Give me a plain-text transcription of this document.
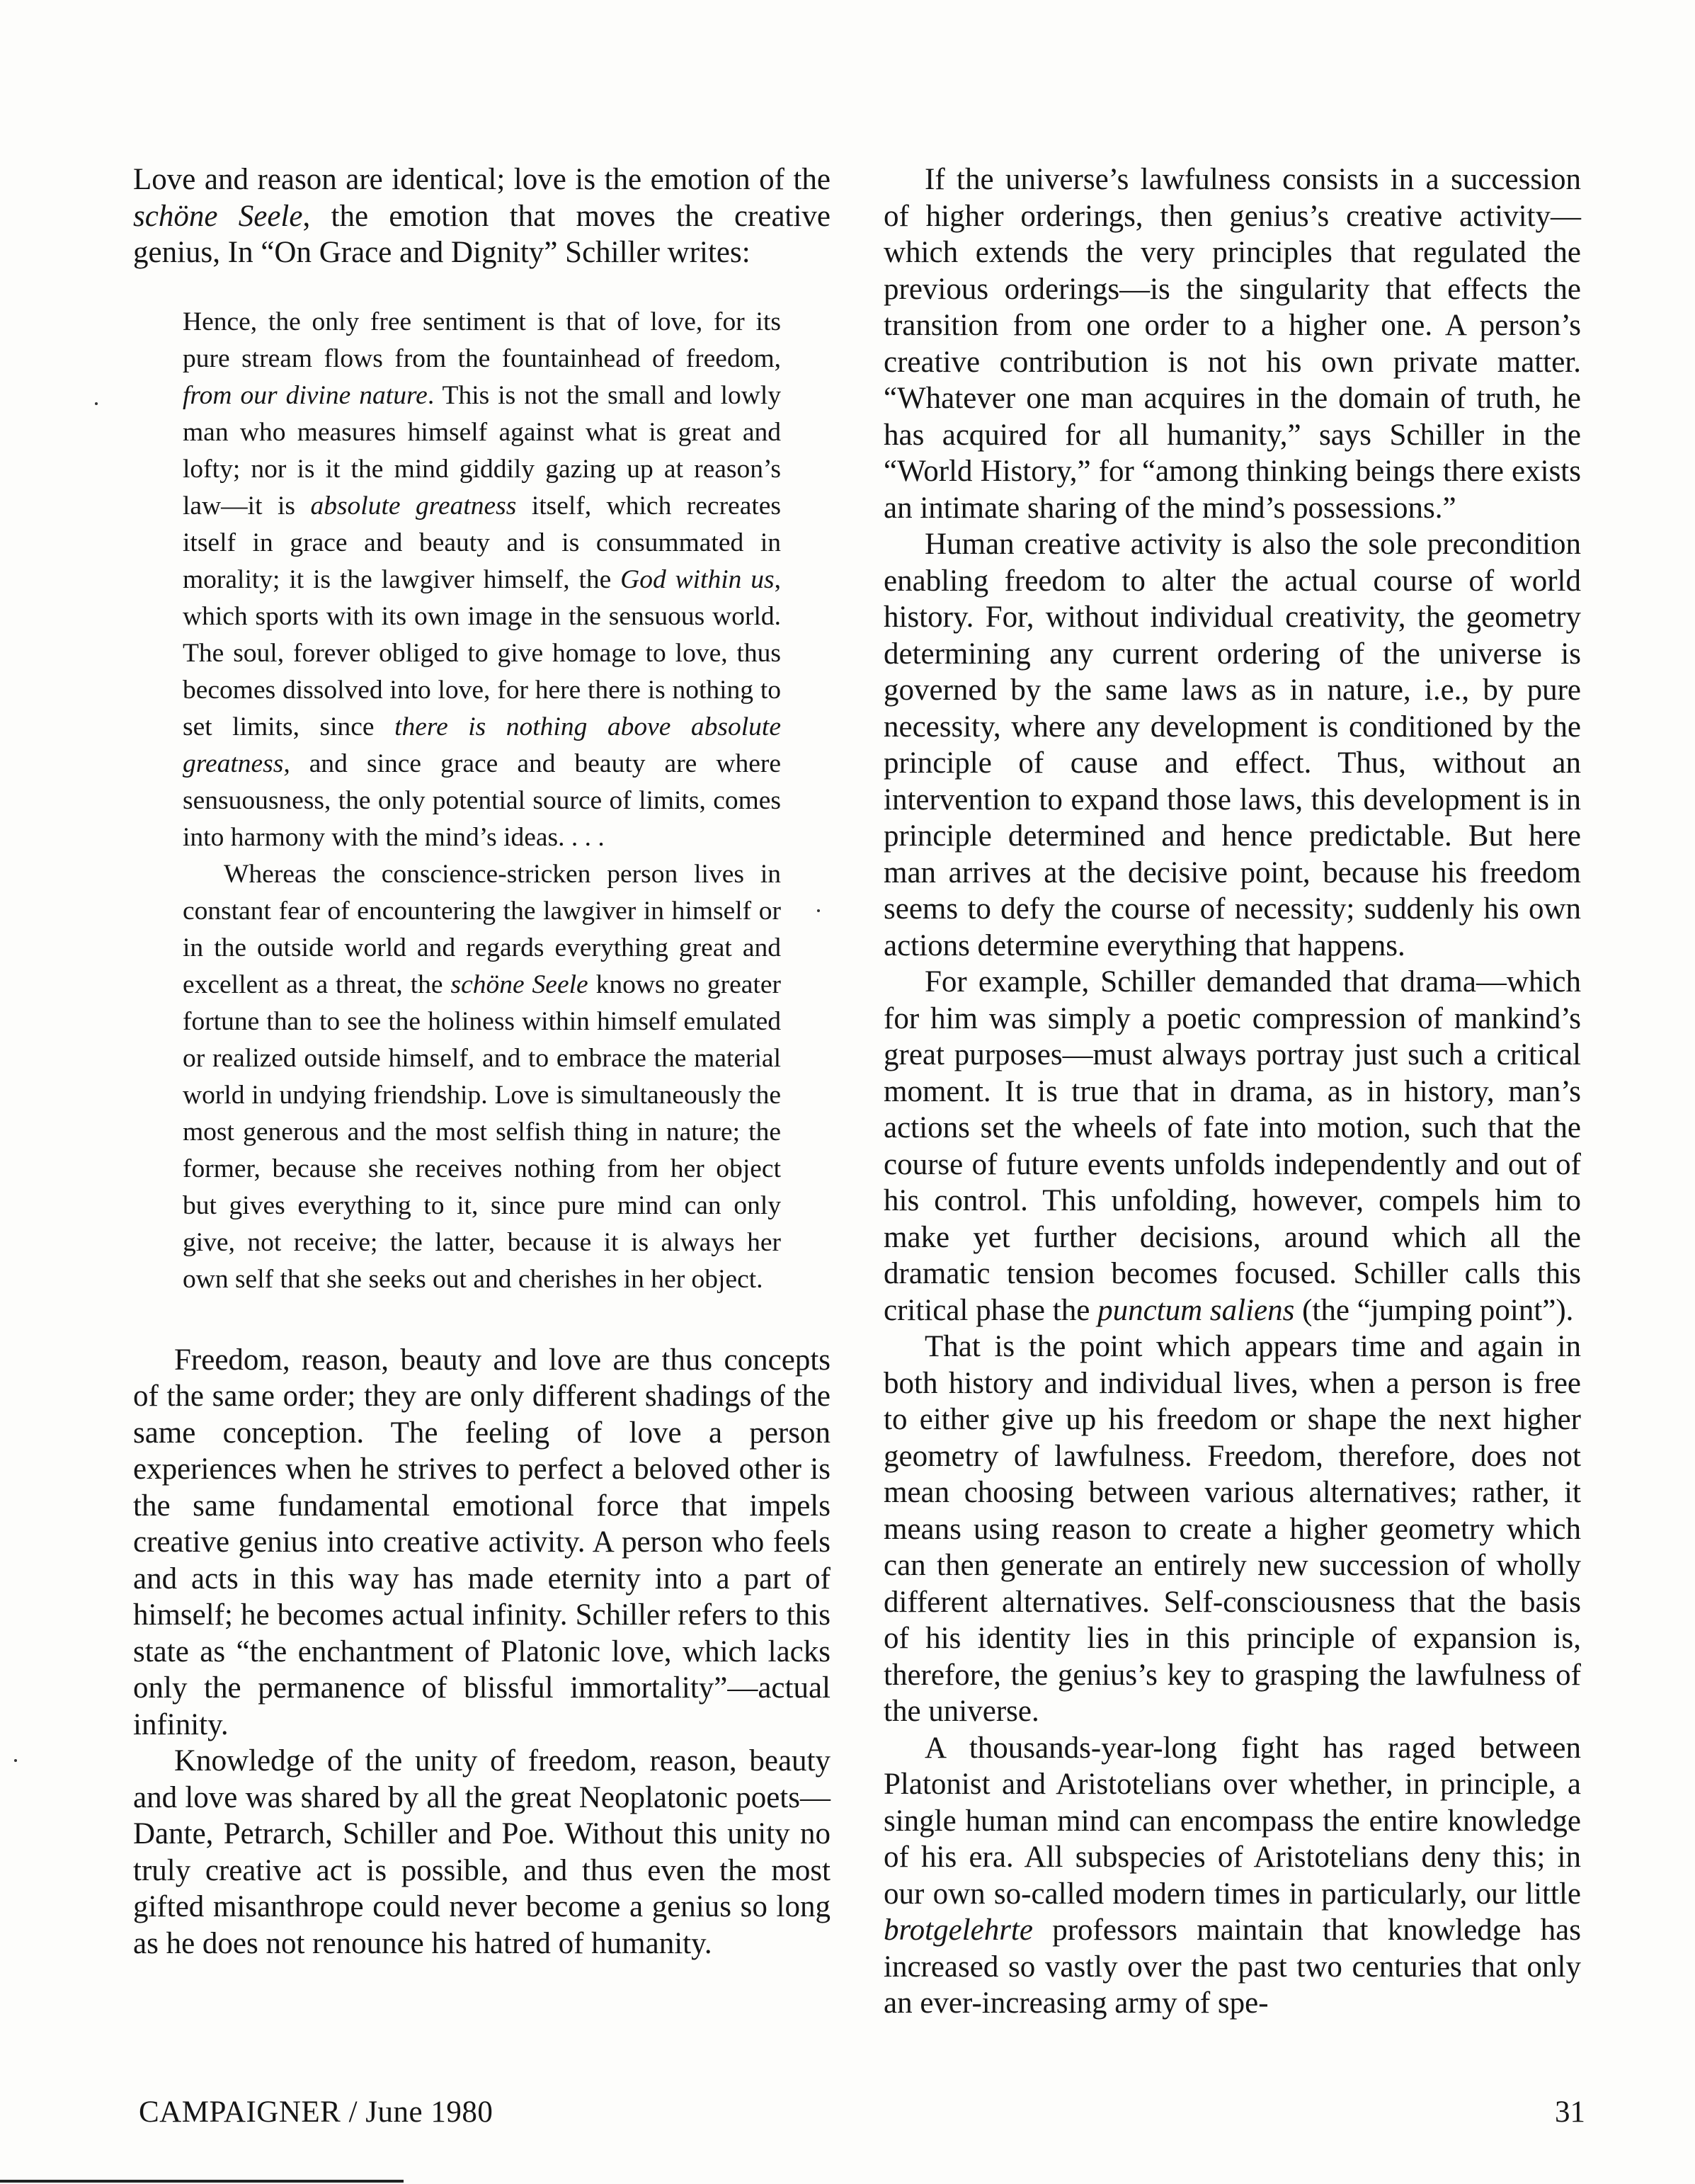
Love and reason are identical; love is the emotion of the schöne Seele, the emotion that moves the creative genius, In “On Grace and Dignity” Schiller writes:

Hence, the only free sentiment is that of love, for its pure stream flows from the fountainhead of freedom, from our divine nature. This is not the small and lowly man who measures himself against what is great and lofty; nor is it the mind giddily gazing up at reason’s law—it is absolute greatness itself, which recreates itself in grace and beauty and is consummated in morality; it is the lawgiver himself, the God within us, which sports with its own image in the sensuous world. The soul, forever obliged to give homage to love, thus becomes dissolved into love, for here there is nothing to set limits, since there is nothing above absolute greatness, and since grace and beauty are where sensuousness, the only potential source of limits, comes into harmony with the mind’s ideas. . . .

Whereas the conscience-stricken person lives in constant fear of encountering the lawgiver in himself or in the outside world and regards everything great and excellent as a threat, the schöne Seele knows no greater fortune than to see the holiness within himself emulated or realized outside himself, and to embrace the material world in undying friendship. Love is simultaneously the most generous and the most selfish thing in nature; the former, because she receives nothing from her object but gives everything to it, since pure mind can only give, not receive; the latter, because it is always her own self that she seeks out and cherishes in her object.

Freedom, reason, beauty and love are thus concepts of the same order; they are only different shadings of the same conception. The feeling of love a person experiences when he strives to perfect a beloved other is the same fundamental emotional force that impels creative genius into creative activity. A person who feels and acts in this way has made eternity into a part of himself; he becomes actual infinity. Schiller refers to this state as “the enchantment of Platonic love, which lacks only the permanence of blissful immortality”—actual infinity.

Knowledge of the unity of freedom, reason, beauty and love was shared by all the great Neoplatonic poets—Dante, Petrarch, Schiller and Poe. Without this unity no truly creative act is possible, and thus even the most gifted misanthrope could never become a genius so long as he does not renounce his hatred of humanity.

If the universe’s lawfulness consists in a succession of higher orderings, then genius’s creative activity—which extends the very principles that regulated the previous orderings—is the singularity that effects the transition from one order to a higher one. A person’s creative contribution is not his own private matter. “Whatever one man acquires in the domain of truth, he has acquired for all humanity,” says Schiller in the “World History,” for “among thinking beings there exists an intimate sharing of the mind’s possessions.”

Human creative activity is also the sole precondition enabling freedom to alter the actual course of world history. For, without individual creativity, the geometry determining any current ordering of the universe is governed by the same laws as in nature, i.e., by pure necessity, where any development is conditioned by the principle of cause and effect. Thus, without an intervention to expand those laws, this development is in principle determined and hence predictable. But here man arrives at the decisive point, because his freedom seems to defy the course of necessity; suddenly his own actions determine everything that happens.

For example, Schiller demanded that drama—which for him was simply a poetic compression of mankind’s great purposes—must always portray just such a critical moment. It is true that in drama, as in history, man’s actions set the wheels of fate into motion, such that the course of future events unfolds independently and out of his control. This unfolding, however, compels him to make yet further decisions, around which all the dramatic tension becomes focused. Schiller calls this critical phase the punctum saliens (the “jumping point”).

That is the point which appears time and again in both history and individual lives, when a person is free to either give up his freedom or shape the next higher geometry of lawfulness. Freedom, therefore, does not mean choosing between various alternatives; rather, it means using reason to create a higher geometry which can then generate an entirely new succession of wholly different alternatives. Self-consciousness that the basis of his identity lies in this principle of expansion is, therefore, the genius’s key to grasping the lawfulness of the universe.

A thousands-year-long fight has raged between Platonist and Aristotelians over whether, in principle, a single human mind can encompass the entire knowledge of his era. All subspecies of Aristotelians deny this; in our own so-called modern times in particularly, our little brotgelehrte professors maintain that knowledge has increased so vastly over the past two centuries that only an ever-increasing army of spe-

CAMPAIGNER / June 1980	31
